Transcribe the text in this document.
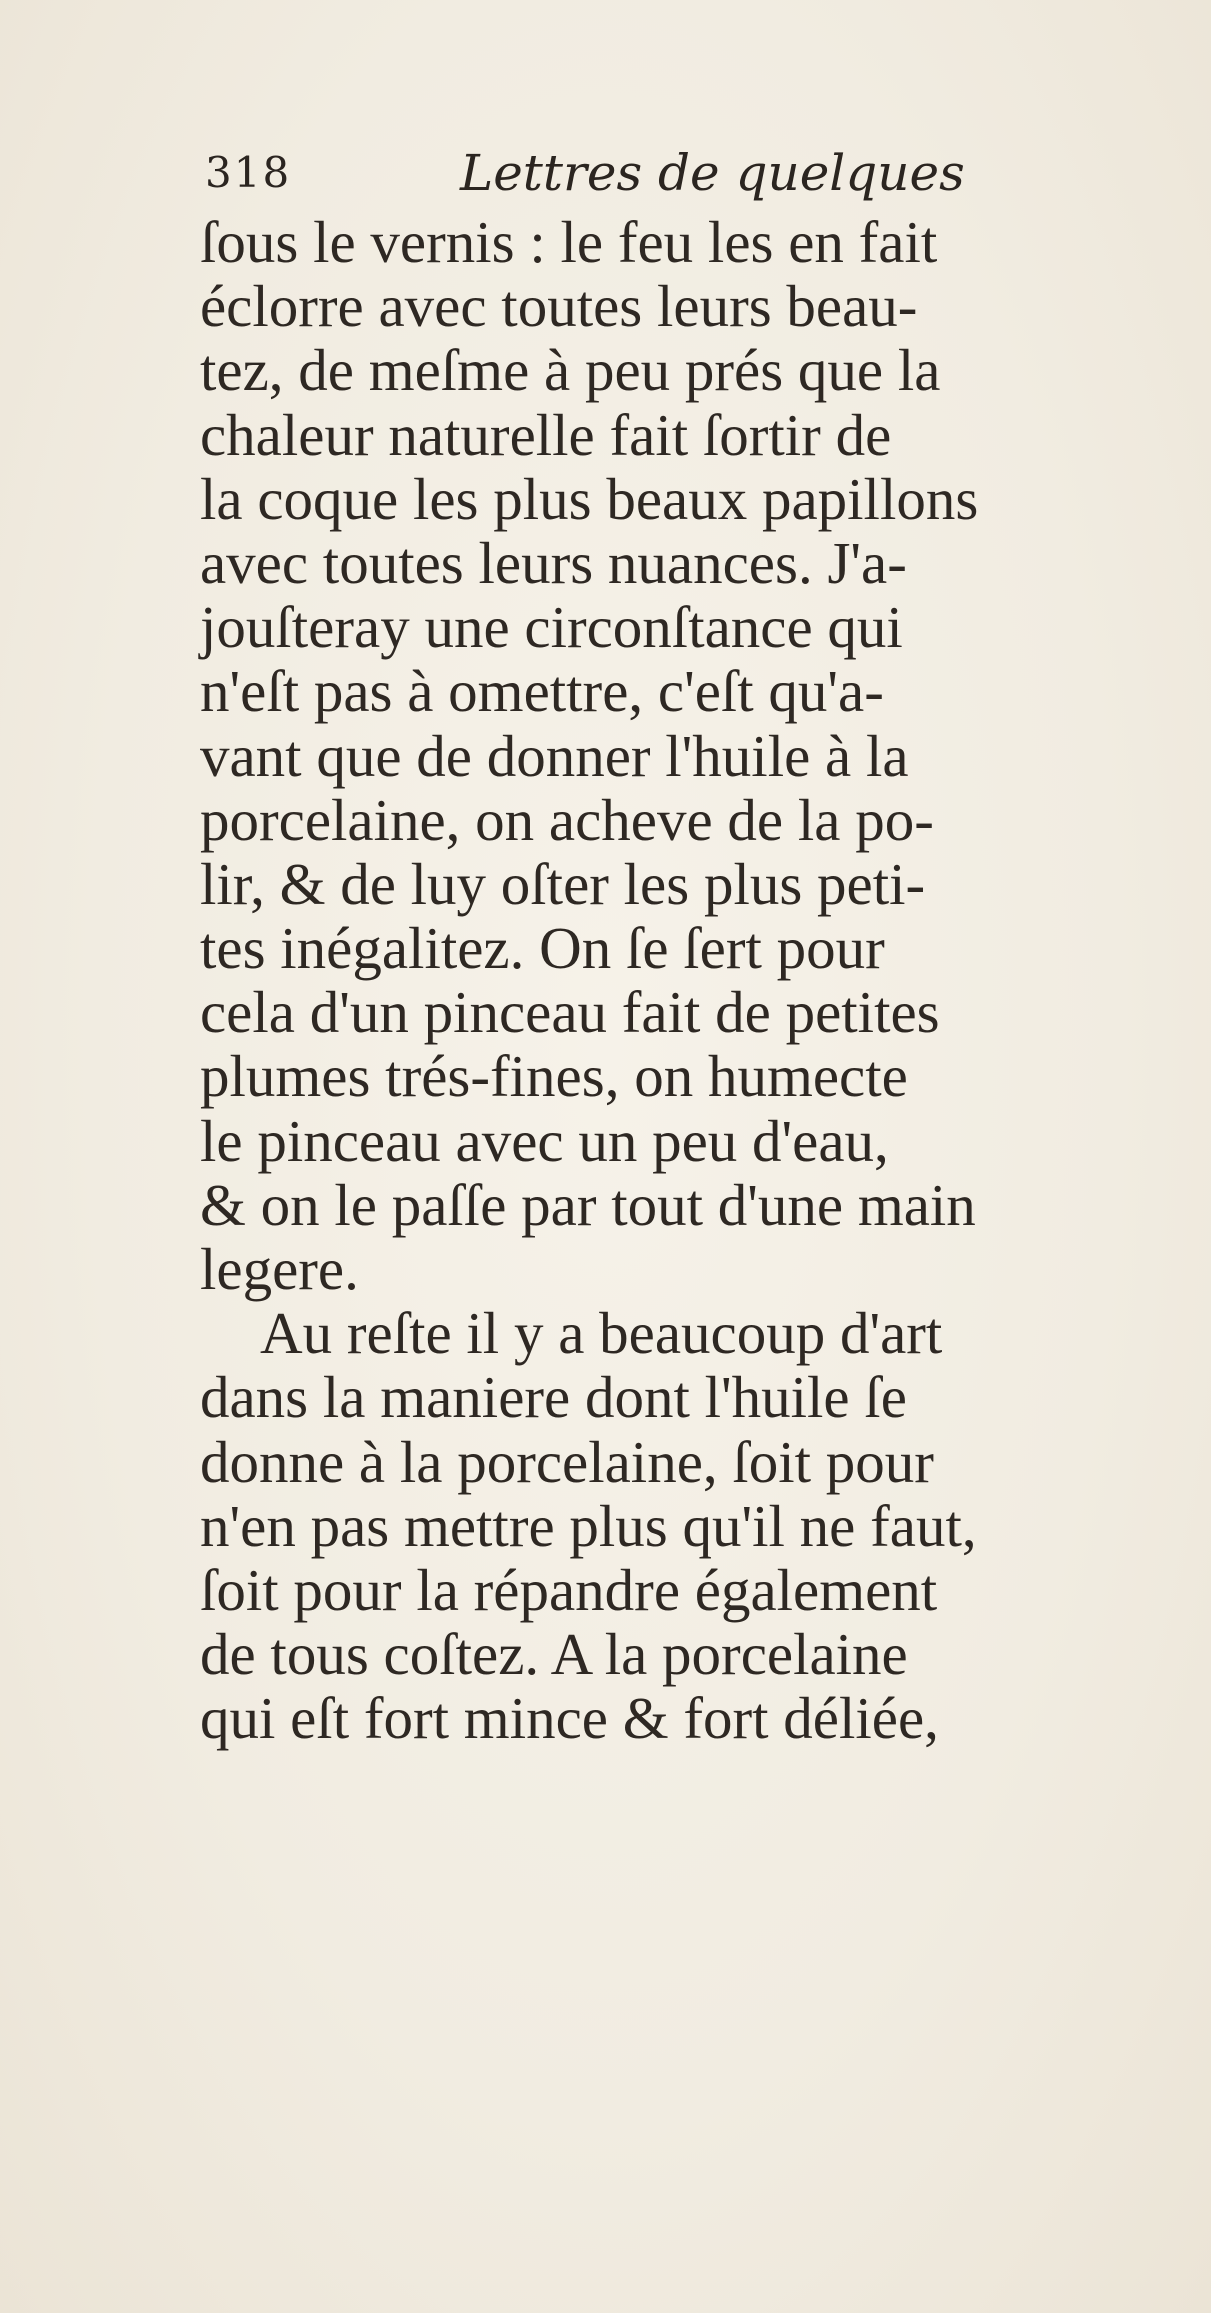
318	Lettres de quelques
ſous le vernis : le feu les en fait
éclorre avec toutes leurs beau-
tez, de meſme à peu prés que la
chaleur naturelle fait ſortir de
la coque les plus beaux papillons
avec toutes leurs nuances. J'a-
jouſteray une circonſtance qui
n'eſt pas à omettre, c'eſt qu'a-
vant que de donner l'huile à la
porcelaine, on acheve de la po-
lir, & de luy oſter les plus peti-
tes inégalitez. On ſe ſert pour
cela d'un pinceau fait de petites
plumes trés-fines, on humecte
le pinceau avec un peu d'eau,
& on le paſſe par tout d'une main
legere.
Au reſte il y a beaucoup d'art
dans la maniere dont l'huile ſe
donne à la porcelaine, ſoit pour
n'en pas mettre plus qu'il ne faut,
ſoit pour la répandre également
de tous coſtez. A la porcelaine
qui eſt fort mince & fort déliée,
